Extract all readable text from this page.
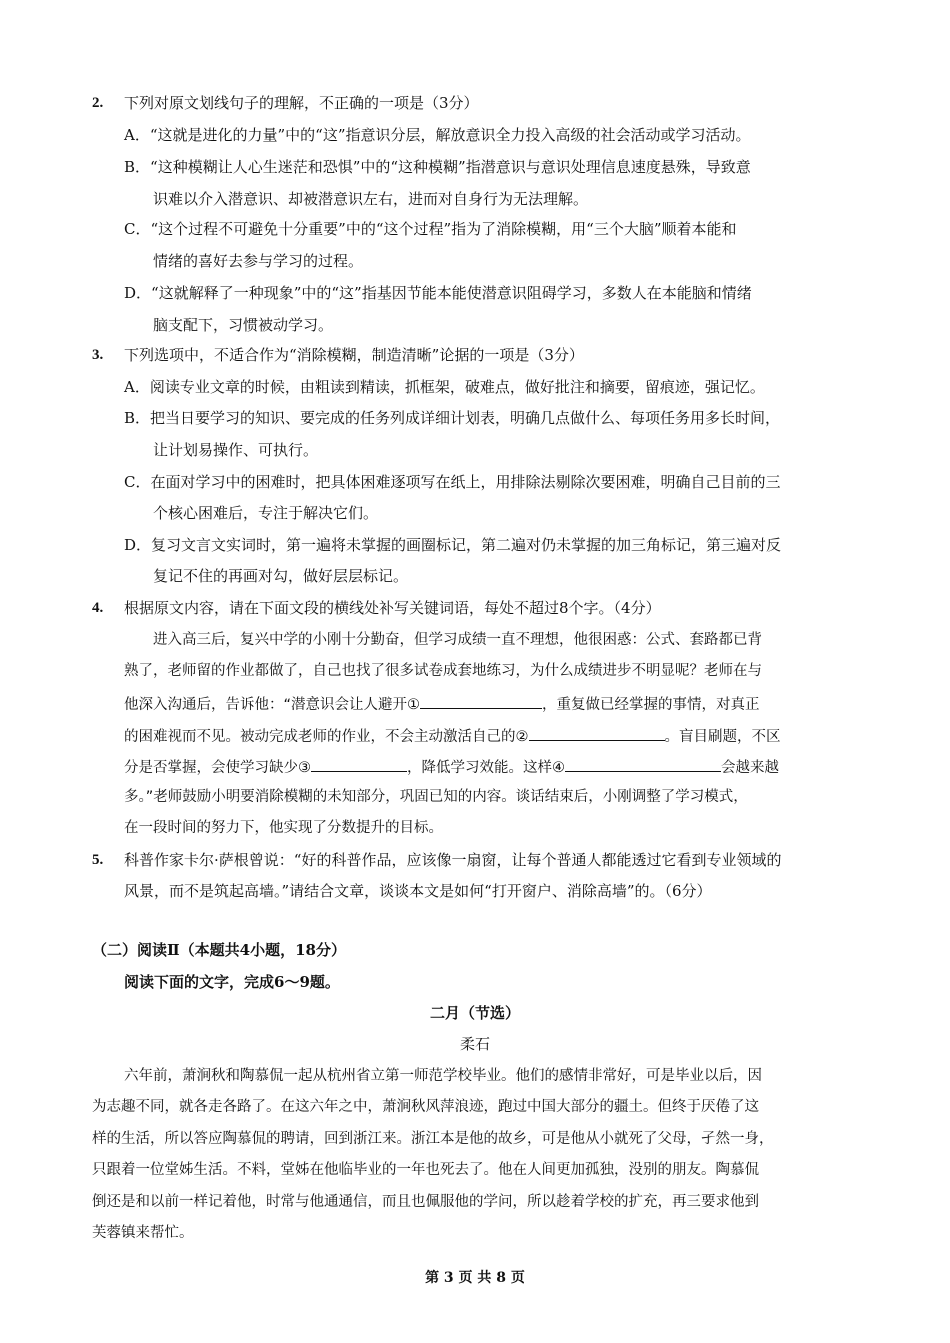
2. 下列对原文划线句子的理解，不正确的一项是（3分）
A．“这就是进化的力量”中的“这”指意识分层，解放意识全力投入高级的社会活动或学习活动。
B．“这种模糊让人心生迷茫和恐惧”中的“这种模糊”指潜意识与意识处理信息速度悬殊，导致意
识难以介入潜意识、却被潜意识左右，进而对自身行为无法理解。
C．“这个过程不可避免十分重要”中的“这个过程”指为了消除模糊，用“三个大脑”顺着本能和
情绪的喜好去参与学习的过程。
D．“这就解释了一种现象”中的“这”指基因节能本能使潜意识阻碍学习，多数人在本能脑和情绪
脑支配下，习惯被动学习。
3. 下列选项中，不适合作为“消除模糊，制造清晰”论据的一项是（3分）
A．阅读专业文章的时候，由粗读到精读，抓框架，破难点，做好批注和摘要，留痕迹，强记忆。
B．把当日要学习的知识、要完成的任务列成详细计划表，明确几点做什么、每项任务用多长时间，
让计划易操作、可执行。
C．在面对学习中的困难时，把具体困难逐项写在纸上，用排除法剔除次要困难，明确自己目前的三
个核心困难后，专注于解决它们。
D．复习文言文实词时，第一遍将未掌握的画圈标记，第二遍对仍未掌握的加三角标记，第三遍对反
复记不住的再画对勾，做好层层标记。
4. 根据原文内容，请在下面文段的横线处补写关键词语，每处不超过8个字。（4分）
进入高三后，复兴中学的小刚十分勤奋，但学习成绩一直不理想，他很困惑：公式、套路都已背
熟了，老师留的作业都做了，自己也找了很多试卷成套地练习，为什么成绩进步不明显呢？老师在与
他深入沟通后，告诉他：“潜意识会让人避开①	，重复做已经掌握的事情，对真正
的困难视而不见。被动完成老师的作业，不会主动激活自己的②	。盲目刷题，不区
分是否掌握，会使学习缺少③	，降低学习效能。这样④	会越来越
多。”老师鼓励小明要消除模糊的未知部分，巩固已知的内容。谈话结束后，小刚调整了学习模式，
在一段时间的努力下，他实现了分数提升的目标。
5. 科普作家卡尔·萨根曾说：“好的科普作品，应该像一扇窗，让每个普通人都能透过它看到专业领域的
风景，而不是筑起高墙。”请结合文章，谈谈本文是如何“打开窗户、消除高墙”的。（6分）
（二）阅读Ⅱ（本题共4小题，18分）
阅读下面的文字，完成6～9题。
二月（节选）
柔石
六年前，萧涧秋和陶慕侃一起从杭州省立第一师范学校毕业。他们的感情非常好，可是毕业以后，因
为志趣不同，就各走各路了。在这六年之中，萧涧秋风萍浪迹，跑过中国大部分的疆土。但终于厌倦了这
样的生活，所以答应陶慕侃的聘请，回到浙江来。浙江本是他的故乡，可是他从小就死了父母，孑然一身，
只跟着一位堂姊生活。不料，堂姊在他临毕业的一年也死去了。他在人间更加孤独，没别的朋友。陶慕侃
倒还是和以前一样记着他，时常与他通通信，而且也佩服他的学问，所以趁着学校的扩充，再三要求他到
芙蓉镇来帮忙。
第 3 页 共 8 页
